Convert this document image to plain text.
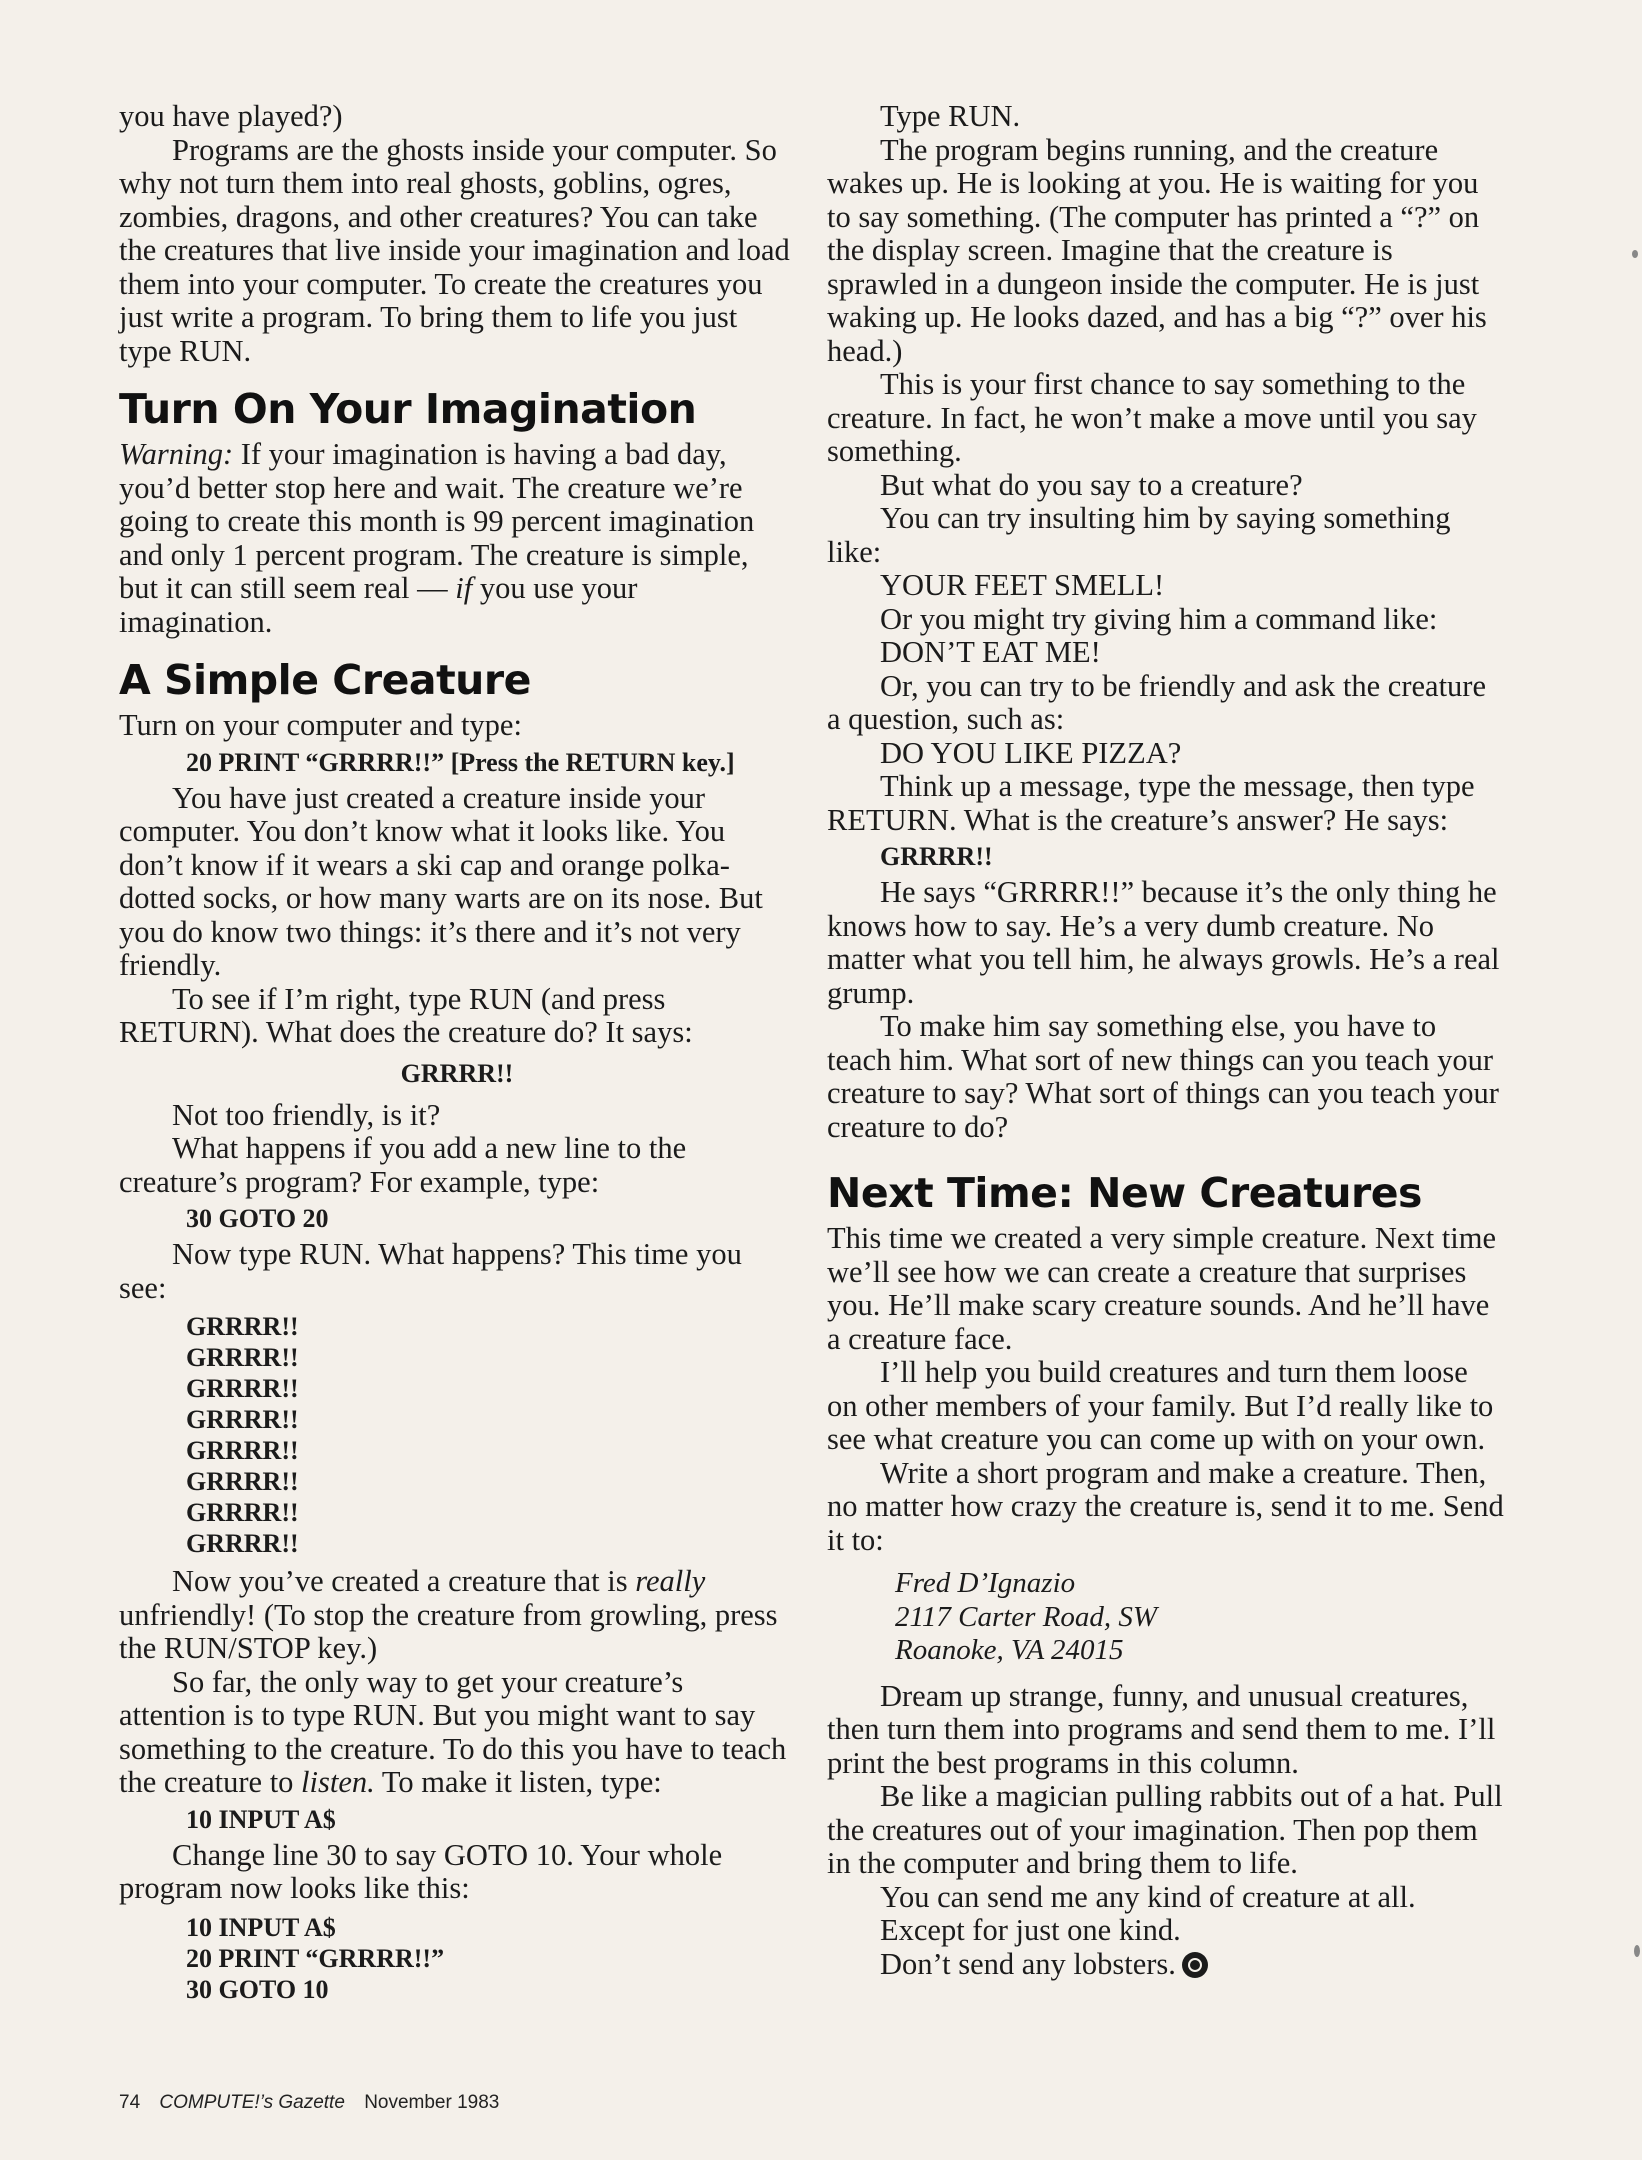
you have played?)

Programs are the ghosts inside your computer. So why not turn them into real ghosts, goblins, ogres, zombies, dragons, and other creatures? You can take the creatures that live inside your imagination and load them into your computer. To create the creatures you just write a program. To bring them to life you just type RUN.

Turn On Your Imagination

Warning: If your imagination is having a bad day, you’d better stop here and wait. The creature we’re going to create this month is 99 percent imagination and only 1 percent program. The creature is simple, but it can still seem real — if you use your imagination.

A Simple Creature

Turn on your computer and type:

20 PRINT “GRRRR!!” [Press the RETURN key.]

You have just created a creature inside your computer. You don’t know what it looks like. You don’t know if it wears a ski cap and orange polka-dotted socks, or how many warts are on its nose. But you do know two things: it’s there and it’s not very friendly.

To see if I’m right, type RUN (and press RETURN). What does the creature do? It says:

GRRRR!!

Not too friendly, is it?

What happens if you add a new line to the creature’s program? For example, type:

30 GOTO 20

Now type RUN. What happens? This time you see:

GRRRR!!
GRRRR!!
GRRRR!!
GRRRR!!
GRRRR!!
GRRRR!!
GRRRR!!
GRRRR!!

Now you’ve created a creature that is really unfriendly! (To stop the creature from growling, press the RUN/STOP key.)

So far, the only way to get your creature’s attention is to type RUN. But you might want to say something to the creature. To do this you have to teach the creature to listen. To make it listen, type:

10 INPUT A$

Change line 30 to say GOTO 10. Your whole program now looks like this:

10 INPUT A$
20 PRINT “GRRRR!!”
30 GOTO 10

Type RUN.

The program begins running, and the creature wakes up. He is looking at you. He is waiting for you to say something. (The computer has printed a “?” on the display screen. Imagine that the creature is sprawled in a dungeon inside the computer. He is just waking up. He looks dazed, and has a big “?” over his head.)

This is your first chance to say something to the creature. In fact, he won’t make a move until you say something.

But what do you say to a creature?

You can try insulting him by saying something like:

YOUR FEET SMELL!

Or you might try giving him a command like:

DON’T EAT ME!

Or, you can try to be friendly and ask the creature a question, such as:

DO YOU LIKE PIZZA?

Think up a message, type the message, then type RETURN. What is the creature’s answer? He says:

GRRRR!!

He says “GRRRR!!” because it’s the only thing he knows how to say. He’s a very dumb creature. No matter what you tell him, he always growls. He’s a real grump.

To make him say something else, you have to teach him. What sort of new things can you teach your creature to say? What sort of things can you teach your creature to do?

Next Time: New Creatures

This time we created a very simple creature. Next time we’ll see how we can create a creature that surprises you. He’ll make scary creature sounds. And he’ll have a creature face.

I’ll help you build creatures and turn them loose on other members of your family. But I’d really like to see what creature you can come up with on your own.

Write a short program and make a creature. Then, no matter how crazy the creature is, send it to me. Send it to:

Fred D’Ignazio

2117 Carter Road, SW

Roanoke, VA 24015

Dream up strange, funny, and unusual creatures, then turn them into programs and send them to me. I’ll print the best programs in this column.

Be like a magician pulling rabbits out of a hat. Pull the creatures out of your imagination. Then pop them in the computer and bring them to life.

You can send me any kind of creature at all.

Except for just one kind.

Don’t send any lobsters.

74 COMPUTE!’s Gazette November 1983
